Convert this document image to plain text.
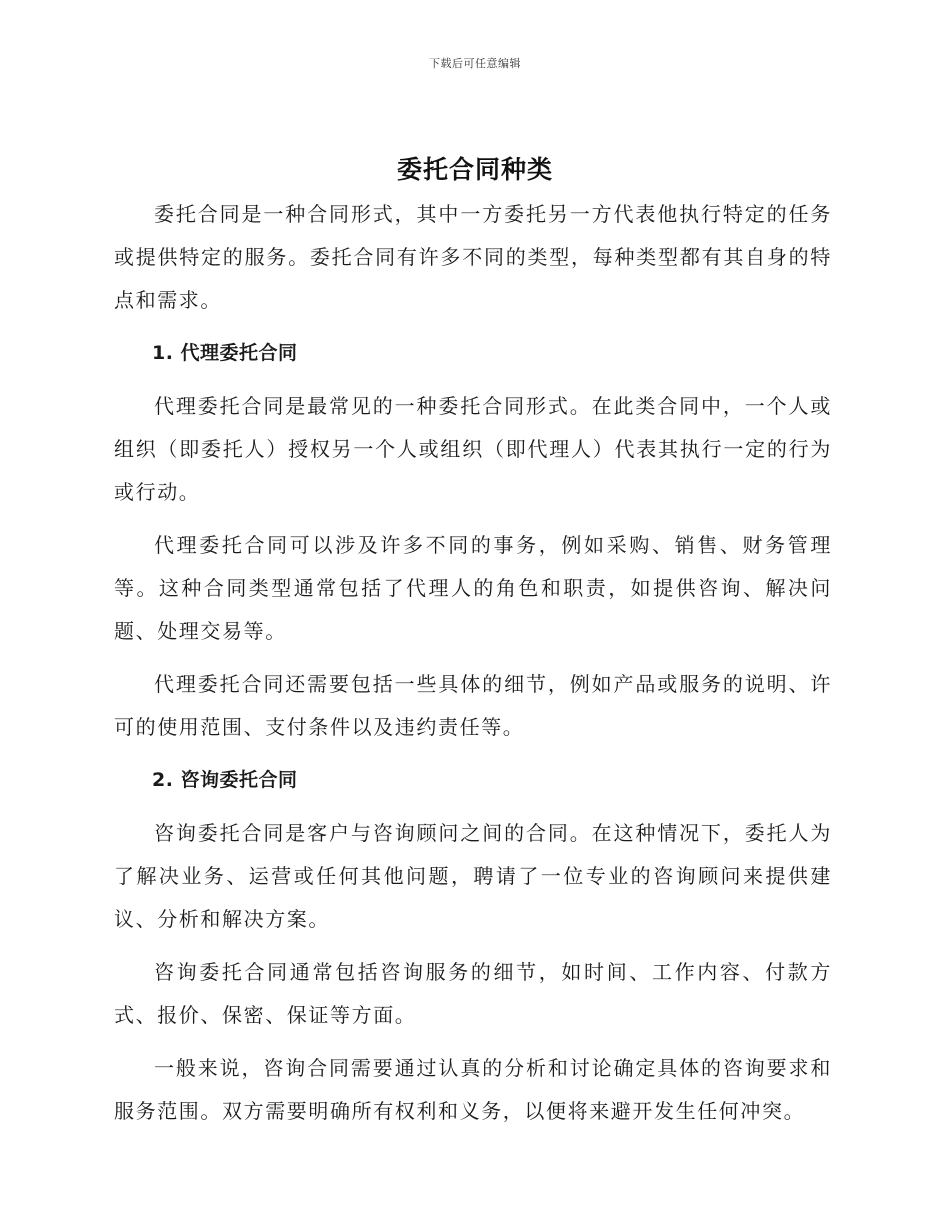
下载后可任意编辑
委托合同种类

委托合同是一种合同形式，其中一方委托另一方代表他执行特定的任务或提供特定的服务。委托合同有许多不同的类型，每种类型都有其自身的特点和需求。

1. 代理委托合同

代理委托合同是最常见的一种委托合同形式。在此类合同中，一个人或组织（即委托人）授权另一个人或组织（即代理人）代表其执行一定的行为或行动。

代理委托合同可以涉及许多不同的事务，例如采购、销售、财务管理等。这种合同类型通常包括了代理人的角色和职责，如提供咨询、解决问题、处理交易等。

代理委托合同还需要包括一些具体的细节，例如产品或服务的说明、许可的使用范围、支付条件以及违约责任等。

2. 咨询委托合同

咨询委托合同是客户与咨询顾问之间的合同。在这种情况下，委托人为了解决业务、运营或任何其他问题，聘请了一位专业的咨询顾问来提供建议、分析和解决方案。

咨询委托合同通常包括咨询服务的细节，如时间、工作内容、付款方式、报价、保密、保证等方面。

一般来说，咨询合同需要通过认真的分析和讨论确定具体的咨询要求和服务范围。双方需要明确所有权利和义务，以便将来避开发生任何冲突。
